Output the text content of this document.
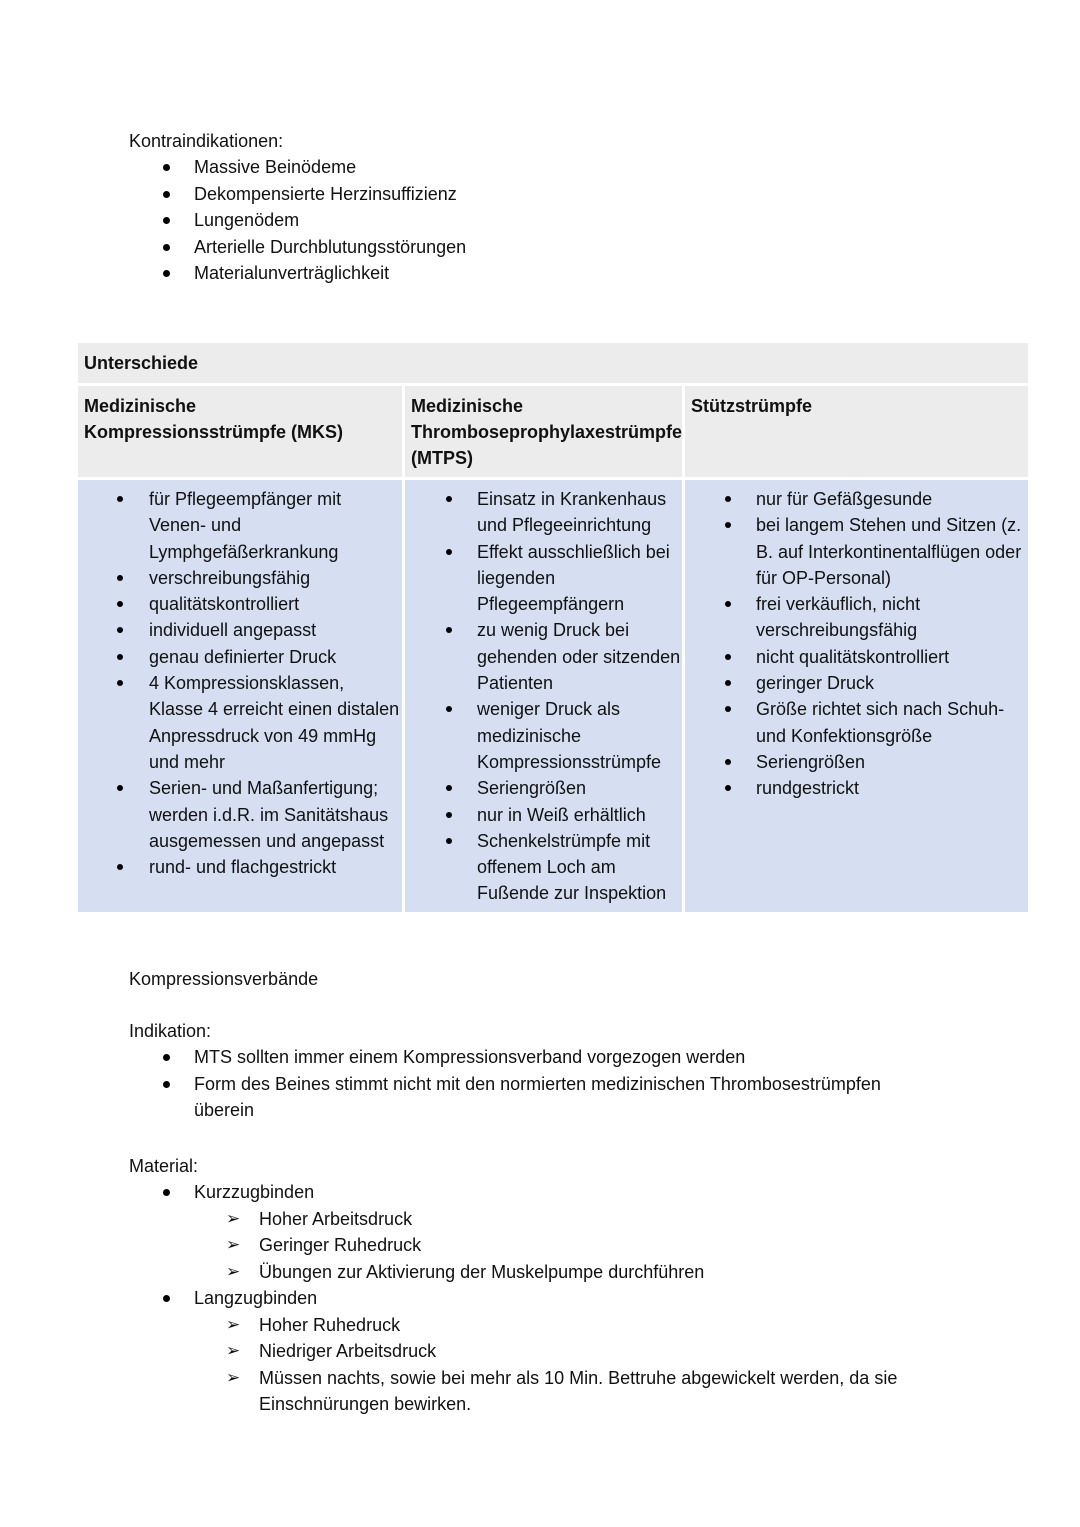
Kontraindikationen:
Massive Beinödeme
Dekompensierte Herzinsuffizienz
Lungenödem
Arterielle Durchblutungsstörungen
Materialunverträglichkeit
Unterschiede
Medizinische Kompressionsstrümpfe (MKS)
Medizinische Thromboseprophylaxestrümpfe (MTPS)
Stützstrümpfe
für Pflegeempfänger mit Venen- und Lymphgefäßerkrankung
verschreibungsfähig
qualitätskontrolliert
individuell angepasst
genau definierter Druck
4 Kompressionsklassen, Klasse 4 erreicht einen distalen Anpressdruck von 49 mmHg und mehr
Serien- und Maßanfertigung; werden i.d.R. im Sanitätshaus ausgemessen und angepasst
rund- und flachgestrickt
Einsatz in Krankenhaus und Pflegeeinrichtung
Effekt ausschließlich bei liegenden Pflegeempfängern
zu wenig Druck bei gehenden oder sitzenden Patienten
weniger Druck als medizinische Kompressionsstrümpfe
Seriengrößen
nur in Weiß erhältlich
Schenkelstrümpfe mit offenem Loch am Fußende zur Inspektion
nur für Gefäßgesunde
bei langem Stehen und Sitzen (z. B. auf Interkontinentalflügen oder für OP-Personal)
frei verkäuflich, nicht verschreibungsfähig
nicht qualitätskontrolliert
geringer Druck
Größe richtet sich nach Schuh- und Konfektionsgröße
Seriengrößen
rundgestrickt
Kompressionsverbände
Indikation:
MTS sollten immer einem Kompressionsverband vorgezogen werden
Form des Beines stimmt nicht mit den normierten medizinischen Thrombosestrümpfen überein
Material:
Kurzzugbinden
➢ Hoher Arbeitsdruck
➢ Geringer Ruhedruck
➢ Übungen zur Aktivierung der Muskelpumpe durchführen
Langzugbinden
➢ Hoher Ruhedruck
➢ Niedriger Arbeitsdruck
➢ Müssen nachts, sowie bei mehr als 10 Min. Bettruhe abgewickelt werden, da sie Einschnürungen bewirken.
